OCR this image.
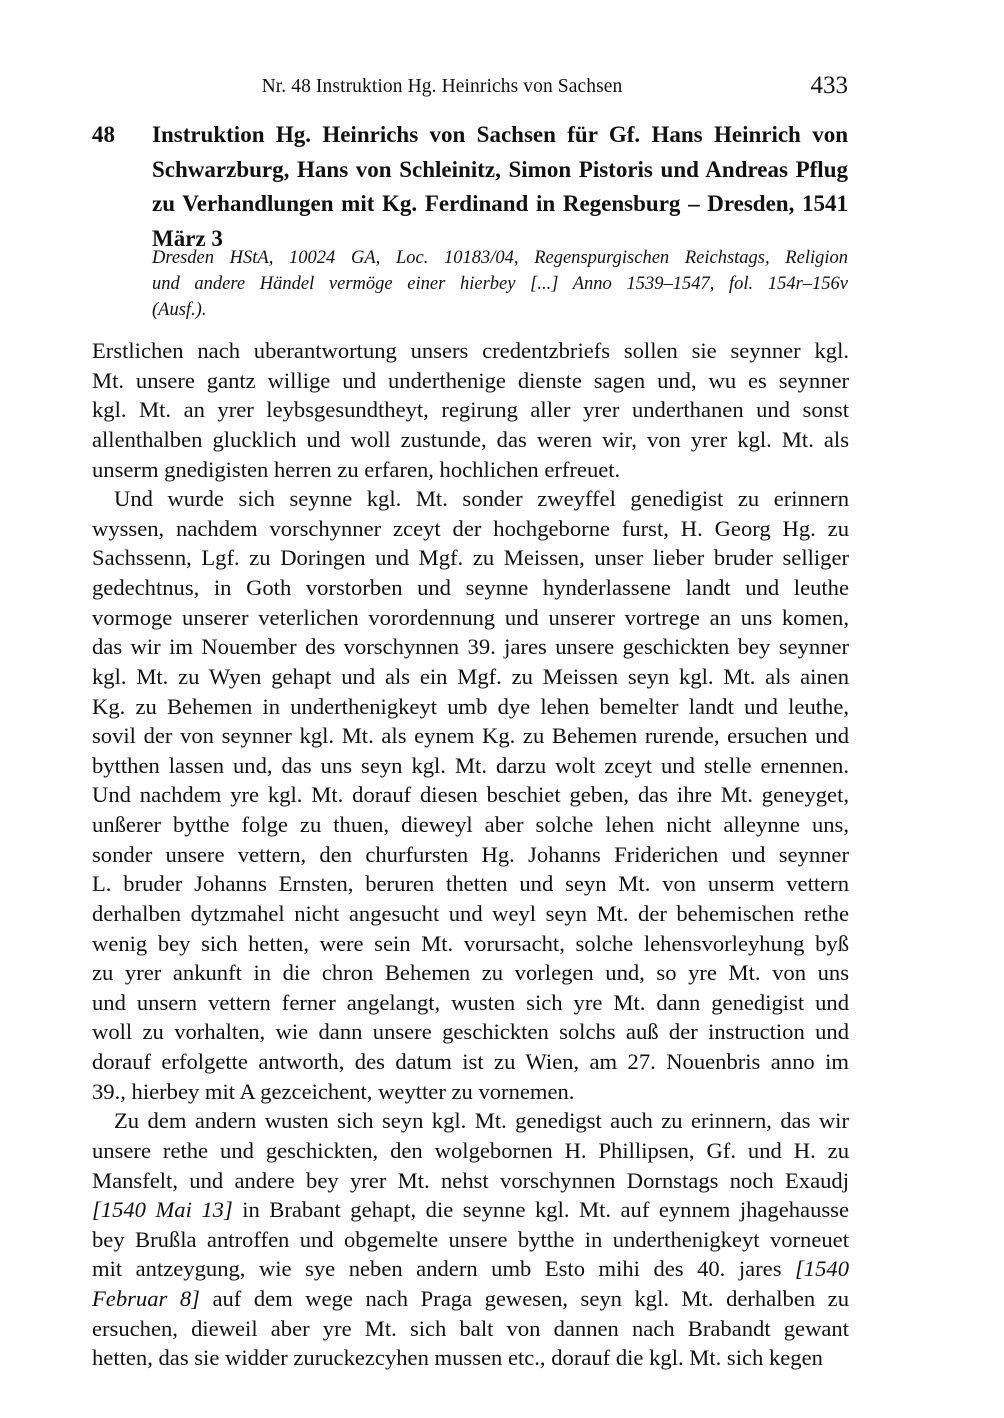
Nr. 48 Instruktion Hg. Heinrichs von Sachsen	433
48	Instruktion Hg. Heinrichs von Sachsen für Gf. Hans Heinrich von
Schwarzburg, Hans von Schleinitz, Simon Pistoris und Andreas Pflug
zu Verhandlungen mit Kg. Ferdinand in Regensburg – Dresden, 1541
März 3
Dresden HStA, 10024 GA, Loc. 10183/04, Regenspurgischen Reichstags, Religion
und andere Händel vermöge einer hierbey [...] Anno 1539–1547, fol. 154r–156v
(Ausf.).

Erstlichen nach uberantwortung unsers credentzbriefs sollen sie seynner kgl.
Mt. unsere gantz willige und underthenige dienste sagen und, wu es seynner
kgl. Mt. an yrer leybsgesundtheyt, regirung aller yrer underthanen und sonst
allenthalben glucklich und woll zustunde, das weren wir, von yrer kgl. Mt. als
unserm gnedigisten herren zu erfaren, hochlichen erfreuet.

Und wurde sich seynne kgl. Mt. sonder zweyffel genedigist zu erinnern
wyssen, nachdem vorschynner zceyt der hochgeborne furst, H. Georg Hg. zu
Sachssenn, Lgf. zu Doringen und Mgf. zu Meissen, unser lieber bruder selliger
gedechtnus, in Goth vorstorben und seynne hynderlassene landt und leuthe
vormoge unserer veterlichen vorordennung und unserer vortrege an uns komen,
das wir im Nouember des vorschynnen 39. jares unsere geschickten bey seynner
kgl. Mt. zu Wyen gehapt und als ein Mgf. zu Meissen seyn kgl. Mt. als ainen
Kg. zu Behemen in underthenigkeyt umb dye lehen bemelter landt und leuthe,
sovil der von seynner kgl. Mt. als eynem Kg. zu Behemen rurende, ersuchen und
bytthen lassen und, das uns seyn kgl. Mt. darzu wolt zceyt und stelle ernennen.
Und nachdem yre kgl. Mt. dorauf diesen beschiet geben, das ihre Mt. geneyget,
unßerer bytthe folge zu thuen, dieweyl aber solche lehen nicht alleynne uns,
sonder unsere vettern, den churfursten Hg. Johanns Friderichen und seynner
L. bruder Johanns Ernsten, beruren thetten und seyn Mt. von unserm vettern
derhalben dytzmahel nicht angesucht und weyl seyn Mt. der behemischen rethe
wenig bey sich hetten, were sein Mt. vorursacht, solche lehensvorleyhung byß
zu yrer ankunft in die chron Behemen zu vorlegen und, so yre Mt. von uns
und unsern vettern ferner angelangt, wusten sich yre Mt. dann genedigist und
woll zu vorhalten, wie dann unsere geschickten solchs auß der instruction und
dorauf erfolgette antworth, des datum ist zu Wien, am 27. Nouenbris anno im
39., hierbey mit A gezceichent, weytter zu vornemen.

Zu dem andern wusten sich seyn kgl. Mt. genedigst auch zu erinnern, das wir
unsere rethe und geschickten, den wolgebornen H. Phillipsen, Gf. und H. zu
Mansfelt, und andere bey yrer Mt. nehst vorschynnen Dornstags noch Exaudj
[1540 Mai 13] in Brabant gehapt, die seynne kgl. Mt. auf eynnem jhagehausse
bey Brußla antroffen und obgemelte unsere bytthe in underthenigkeyt vorneuet
mit antzeygung, wie sye neben andern umb Esto mihi des 40. jares [1540
Februar 8] auf dem wege nach Praga gewesen, seyn kgl. Mt. derhalben zu
ersuchen, dieweil aber yre Mt. sich balt von dannen nach Brabandt gewant
hetten, das sie widder zuruckezcyhen mussen etc., dorauf die kgl. Mt. sich kegen
